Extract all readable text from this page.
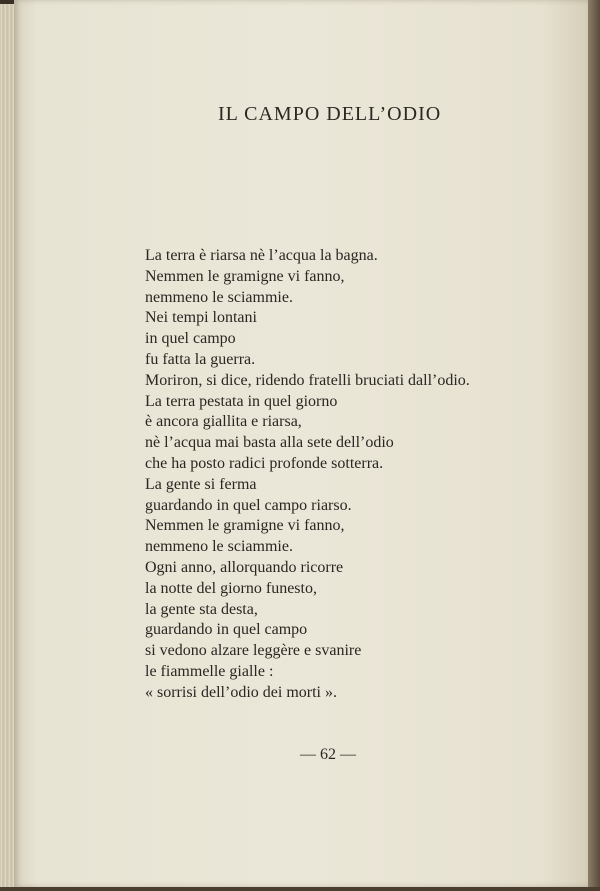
IL CAMPO DELL’ODIO
La terra è riarsa nè l’acqua la bagna.
Nemmen le gramigne vi fanno,
nemmeno le sciammie.
Nei tempi lontani
in quel campo
fu fatta la guerra.
Moriron, si dice, ridendo fratelli bruciati dall’odio.
La terra pestata in quel giorno
è ancora giallita e riarsa,
nè l’acqua mai basta alla sete dell’odio
che ha posto radici profonde sotterra.
La gente si ferma
guardando in quel campo riarso.
Nemmen le gramigne vi fanno,
nemmeno le sciammie.
Ogni anno, allorquando ricorre
la notte del giorno funesto,
la gente sta desta,
guardando in quel campo
si vedono alzare leggère e svanire
le fiammelle gialle :
« sorrisi dell’odio dei morti ».
— 62 —
